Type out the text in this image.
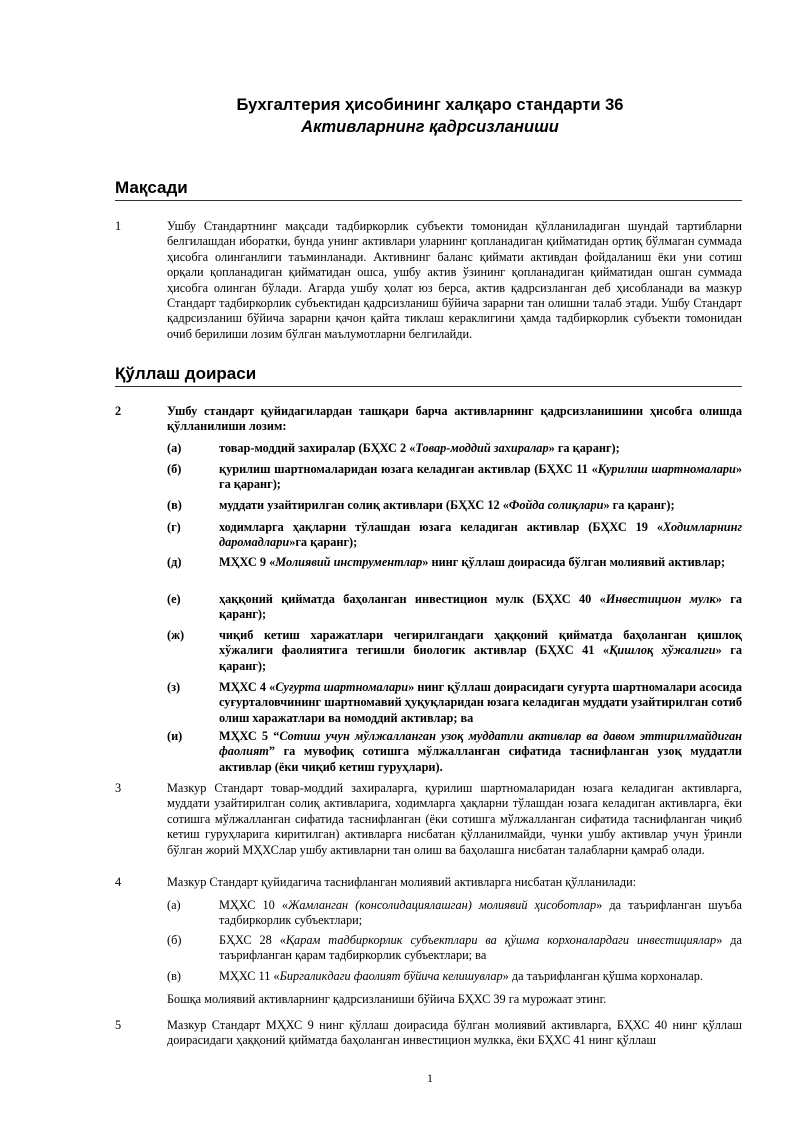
Бухгалтерия ҳисобининг халқаро стандарти 36
Активларнинг қадрсизланиши
Мақсади
1	Ушбу Стандартнинг мақсади тадбиркорлик субъекти томонидан қўлланиладиган шундай тартибларни белгилашдан иборатки, бунда унинг активлари уларнинг қопланадиган қийматидан ортиқ бўлмаган суммада ҳисобга олинганлиги таъминланади. Активнинг баланс қиймати активдан фойдаланиш ёки уни сотиш орқали қопланадиган қийматидан ошса, ушбу актив ўзининг қопланадиган қийматидан ошган суммада ҳисобга олинган бўлади. Агарда ушбу ҳолат юз берса, актив қадрсизланган деб ҳисобланади ва мазкур Стандарт тадбиркорлик субъектидан қадрсизланиш бўйича зарарни тан олишни талаб этади. Ушбу Стандарт қадрсизланиш бўйича зарарни қачон қайта тиклаш кераклигини ҳамда тадбиркорлик субъекти томонидан очиб берилиши лозим бўлган маълумотларни белгилайди.
Қўллаш доираси
2	Ушбу стандарт қуйидагилардан ташқари барча активларнинг қадрсизланишини ҳисобга олишда қўлланилиши лозим:
(а)	товар-моддий захиралар (БҲХС 2 «Товар-моддий захиралар» га қаранг);
(б)	қурилиш шартномаларидан юзага келадиган активлар (БҲХС 11 «Қурилиш шартномалари» га қаранг);
(в)	муддати узайтирилган солиқ активлари (БҲХС 12 «Фойда солиқлари» га қаранг);
(г)	ходимларга ҳақларни тўлашдан юзага келадиган активлар (БҲХС 19 «Ходимларнинг даромадлари»га қаранг);
(д)	МҲХС 9 «Молиявий инструментлар» нинг қўллаш доирасида бўлган молиявий активлар;
(е)	ҳаққоний қийматда баҳоланган инвестицион мулк (БҲХС 40 «Инвестицион мулк» га қаранг);
(ж)	чиқиб кетиш харажатлари чегирилгандаги ҳаққоний қийматда баҳоланган қишлоқ хўжалиги фаолиятига тегишли биологик активлар (БҲХС 41 «Қишлоқ хўжалиги» га қаранг);
(з)	МҲХС 4 «Суғурта шартномалари» нинг қўллаш доирасидаги суғурта шартномалари асосида суғурталовчининг шартномавий ҳуқуқларидан юзага келадиган муддати узайтирилган сотиб олиш харажатлари ва номоддий активлар; ва
(и)	МҲХС 5 “Сотиш учун мўлжалланган узоқ муддатли активлар ва давом эттирилмайдиган фаолият” га мувофиқ сотишга мўлжалланган сифатида таснифланган узоқ муддатли активлар (ёки чиқиб кетиш гуруҳлари).
3	Мазкур Стандарт товар-моддий захираларга, қурилиш шартномаларидан юзага келадиган активларга, муддати узайтирилган солиқ активларига, ходимларга ҳақларни тўлашдан юзага келадиган активларга, ёки сотишга мўлжалланган сифатида таснифланган (ёки сотишга мўлжалланган сифатида таснифланган чиқиб кетиш гуруҳларига киритилган) активларга нисбатан қўлланилмайди, чунки ушбу активлар учун ўринли бўлган жорий МҲХСлар ушбу активларни тан олиш ва баҳолашга нисбатан талабларни қамраб олади.
4	Мазкур Стандарт қуйидагича таснифланган молиявий активларга нисбатан қўлланилади:
(а)	МҲХС 10 «Жамланган (консолидациялашган) молиявий ҳисоботлар» да таърифланган шуъба тадбиркорлик субъектлари;
(б)	БҲХС 28 «Қарам тадбиркорлик субъектлари ва қўшма корхоналардаги инвестициялар» да таърифланган қарам тадбиркорлик субъектлари; ва
(в)	МҲХС 11 «Биргаликдаги фаолият бўйича келишувлар» да таърифланган қўшма корхоналар.
Бошқа молиявий активларнинг қадрсизланиши бўйича БҲХС 39 га мурожаат этинг.
5	Мазкур Стандарт МҲХС 9 нинг қўллаш доирасида бўлган молиявий активларга, БҲХС 40 нинг қўллаш доирасидаги ҳаққоний қийматда баҳоланган инвестицион мулкка, ёки БҲХС 41 нинг қўллаш
1
